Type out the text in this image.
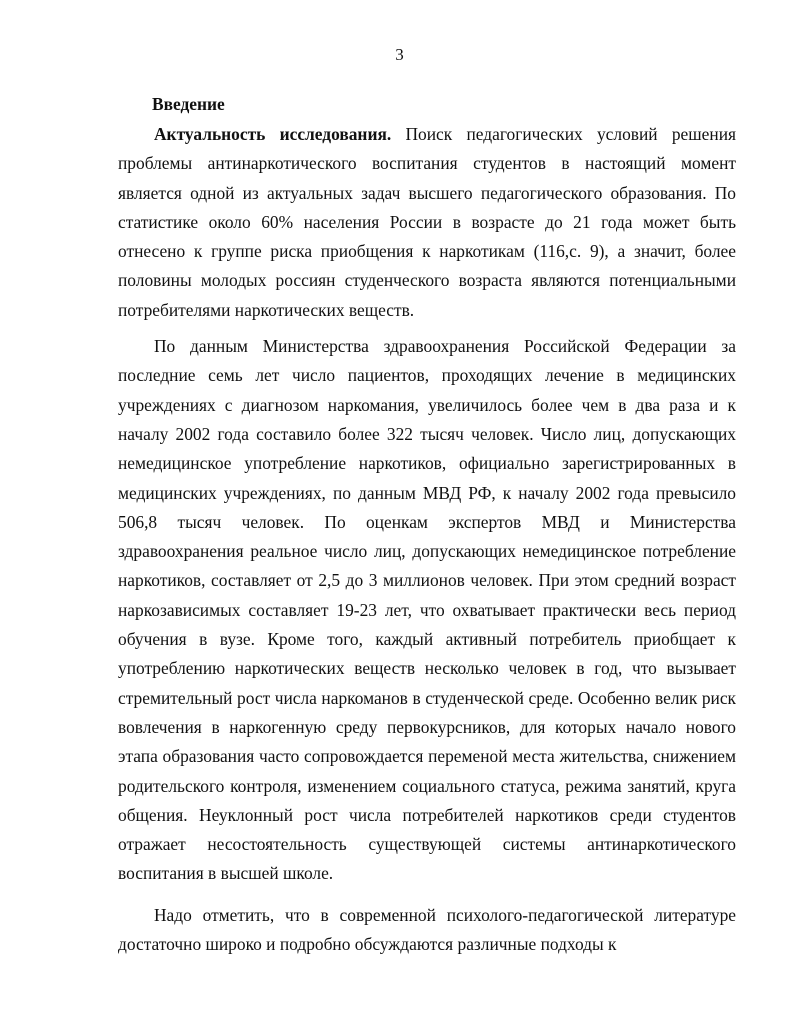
3
Введение

Актуальность исследования. Поиск педагогических условий решения проблемы антинаркотического воспитания студентов в настоящий момент является одной из актуальных задач высшего педагогического образования. По статистике около 60% населения России в возрасте до 21 года может быть отнесено к группе риска приобщения к наркотикам (116,с. 9), а значит, более половины молодых россиян студенческого возраста являются потенциальными потребителями наркотических веществ.

По данным Министерства здравоохранения Российской Федерации за последние семь лет число пациентов, проходящих лечение в медицинских учреждениях с диагнозом наркомания, увеличилось более чем в два раза и к началу 2002 года составило более 322 тысяч человек. Число лиц, допускающих немедицинское употребление наркотиков, официально зарегистрированных в медицинских учреждениях, по данным МВД РФ, к началу 2002 года превысило 506,8 тысяч человек. По оценкам экспертов МВД и Министерства здравоохранения реальное число лиц, допускающих немедицинское потребление наркотиков, составляет от 2,5 до 3 миллионов человек. При этом средний возраст наркозависимых составляет 19-23 лет, что охватывает практически весь период обучения в вузе. Кроме того, каждый активный потребитель приобщает к употреблению наркотических веществ несколько человек в год, что вызывает стремительный рост числа наркоманов в студенческой среде. Особенно велик риск вовлечения в наркогенную среду первокурсников, для которых начало нового этапа образования часто сопровождается переменой места жительства, снижением родительского контроля, изменением социального статуса, режима занятий, круга общения. Неуклонный рост числа потребителей наркотиков среди студентов отражает несостоятельность существующей системы антинаркотического воспитания в высшей школе.

Надо отметить, что в современной психолого-педагогической литературе достаточно широко и подробно обсуждаются различные подходы к
